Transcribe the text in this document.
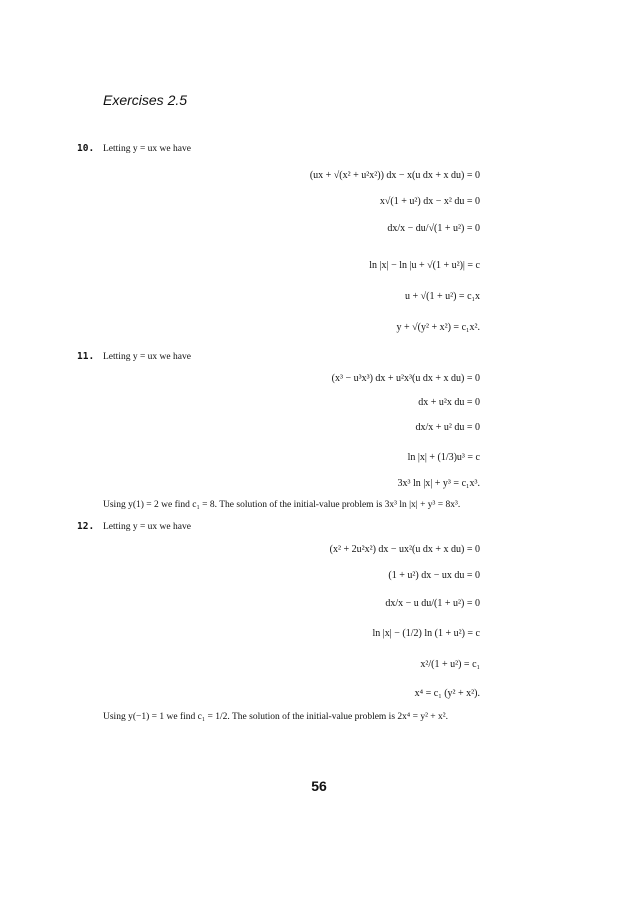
Exercises 2.5
10. Letting y = ux we have
(ux + √(x² + u²x²)) dx − x(u dx + x du) = 0
x√(1 + u²) dx − x² du = 0
dx/x − du/√(1 + u²) = 0
ln |x| − ln |u + √(1 + u²)| = c
u + √(1 + u²) = c₁x
y + √(y² + x²) = c₁x².
11. Letting y = ux we have
(x³ − u³x³) dx + u²x³(u dx + x du) = 0
dx + u²x du = 0
dx/x + u² du = 0
ln |x| + (1/3)u³ = c
3x³ ln |x| + y³ = c₁x³.
Using y(1) = 2 we find c₁ = 8. The solution of the initial-value problem is 3x³ ln |x| + y³ = 8x³.
12. Letting y = ux we have
(x² + 2u²x²) dx − ux²(u dx + x du) = 0
(1 + u²) dx − ux du = 0
dx/x − u du/(1 + u²) = 0
ln |x| − (1/2) ln (1 + u²) = c
x²/(1 + u²) = c₁
x⁴ = c₁ (y² + x²).
Using y(−1) = 1 we find c₁ = 1/2. The solution of the initial-value problem is 2x⁴ = y² + x².
56
